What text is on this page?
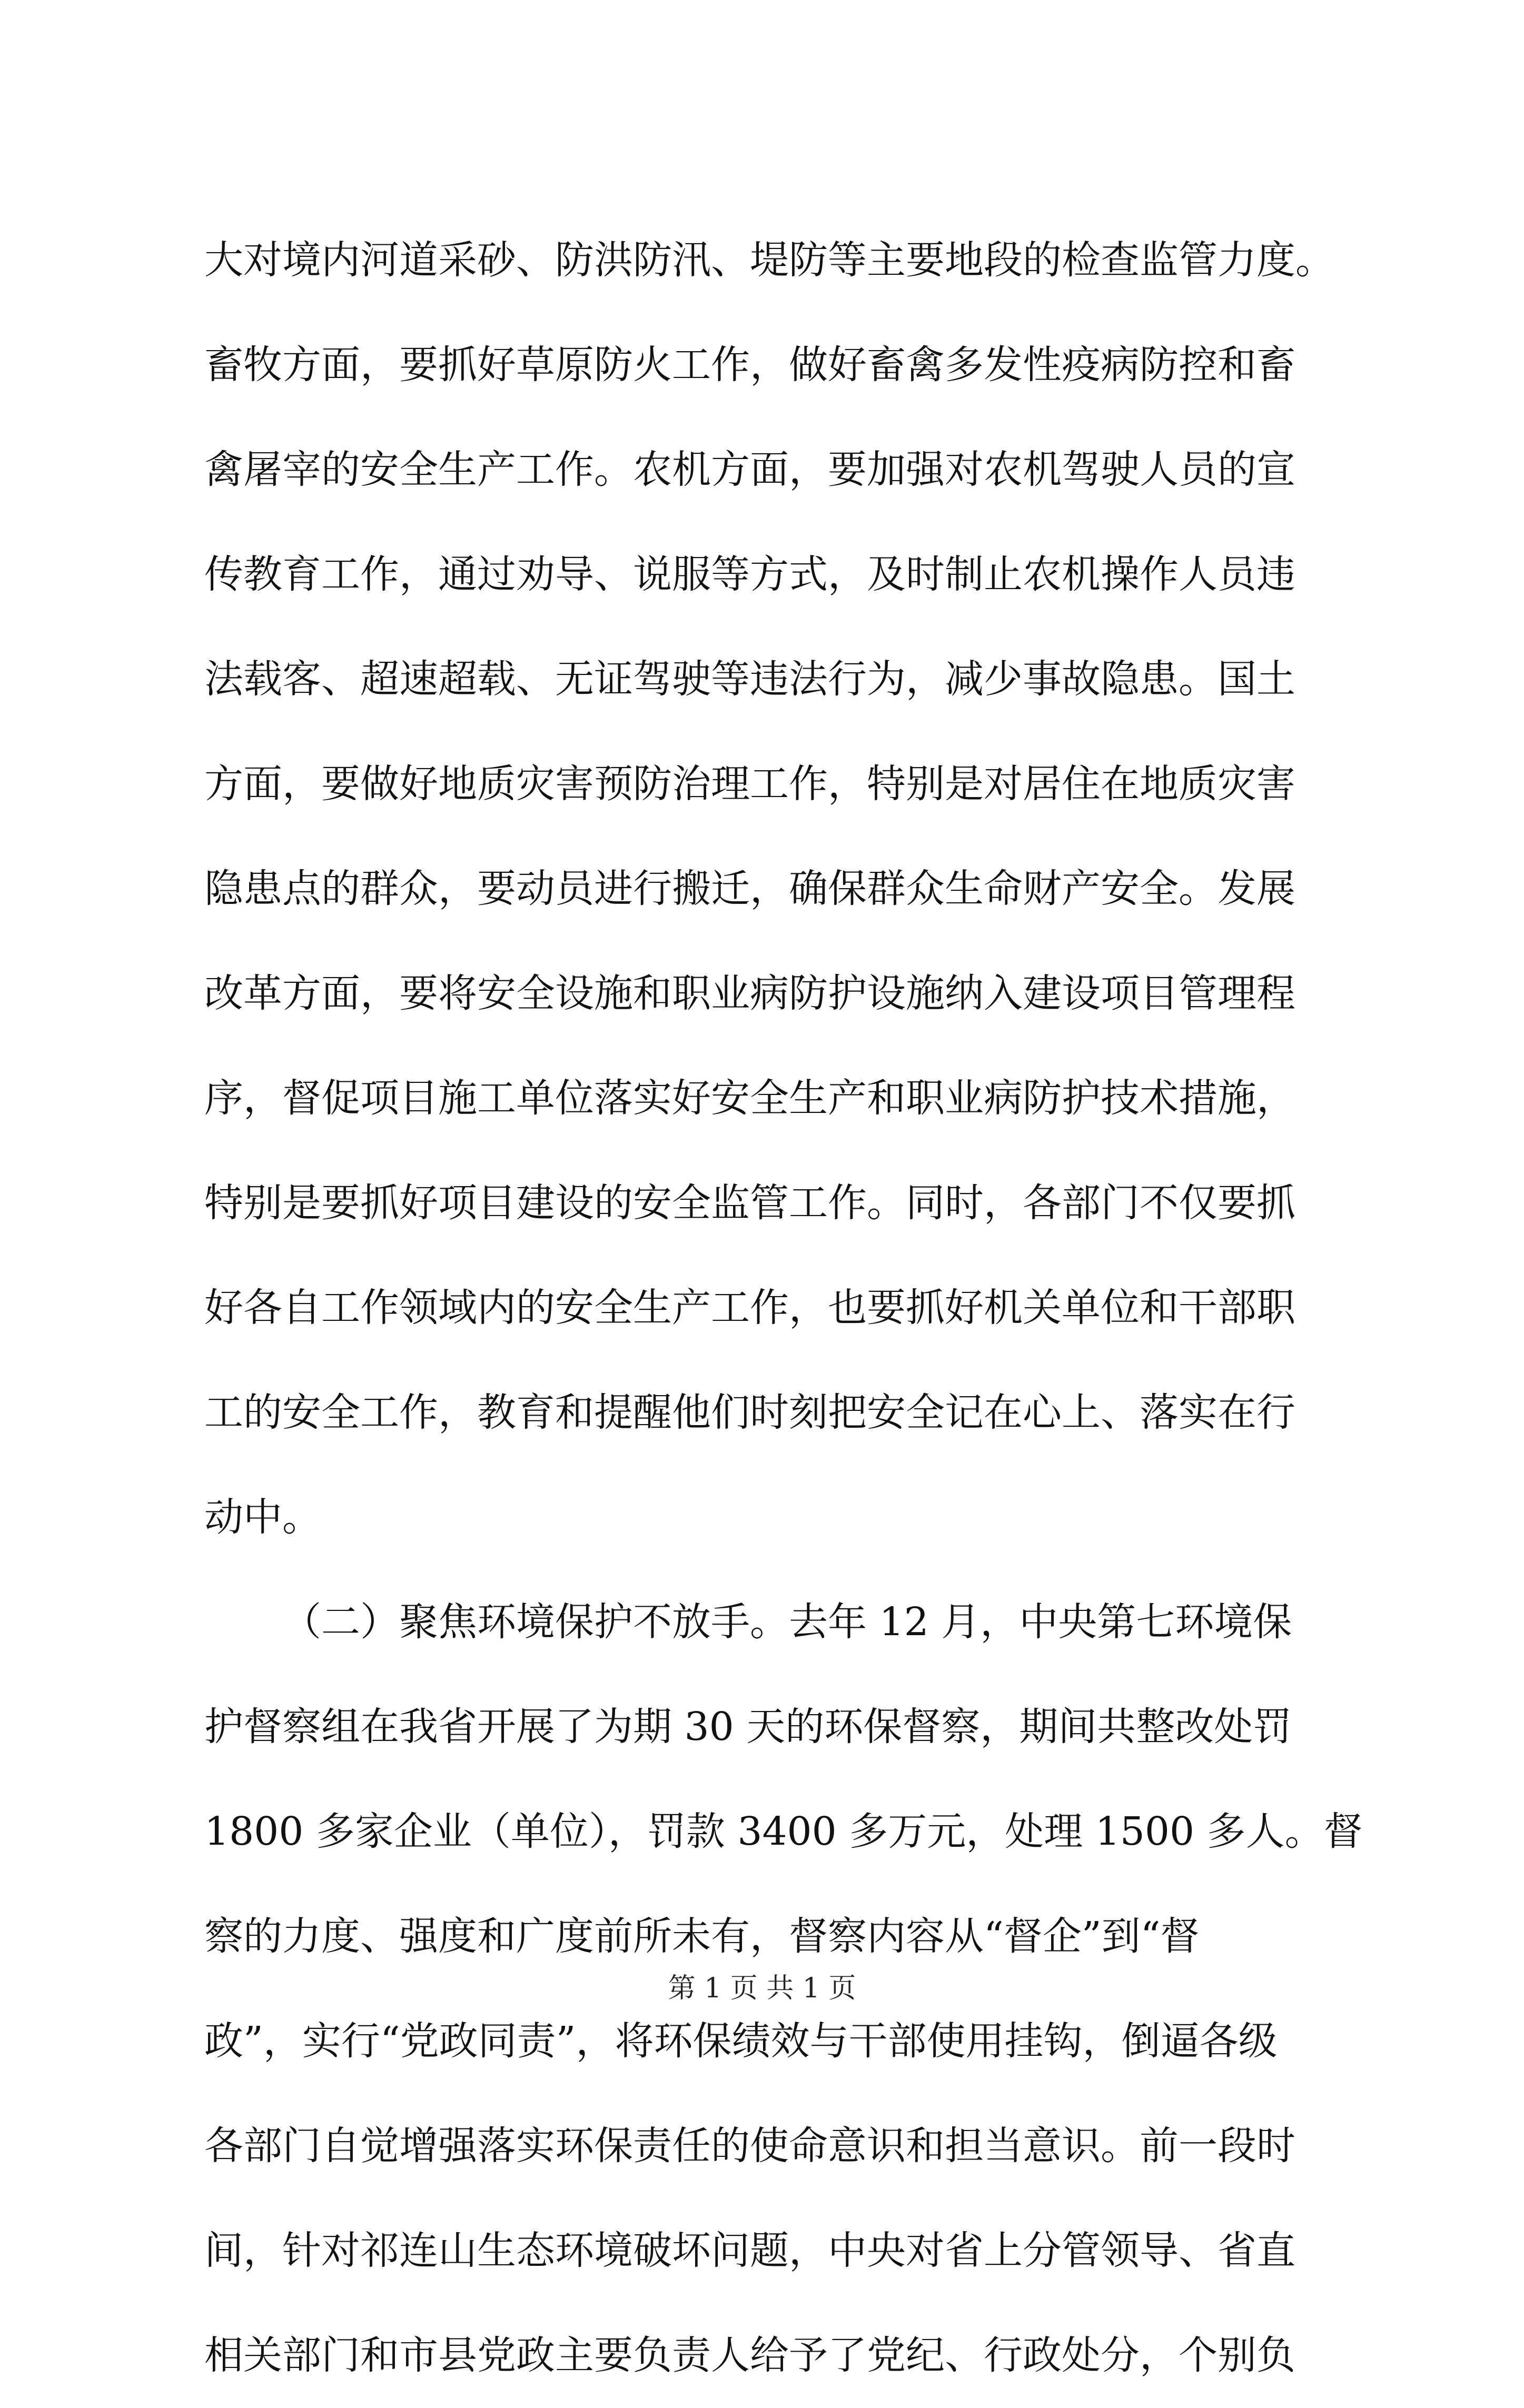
大对境内河道采砂、防洪防汛、堤防等主要地段的检查监管力度。
畜牧方面，要抓好草原防火工作，做好畜禽多发性疫病防控和畜
禽屠宰的安全生产工作。农机方面，要加强对农机驾驶人员的宣
传教育工作，通过劝导、说服等方式，及时制止农机操作人员违
法载客、超速超载、无证驾驶等违法行为，减少事故隐患。国土
方面，要做好地质灾害预防治理工作，特别是对居住在地质灾害
隐患点的群众，要动员进行搬迁，确保群众生命财产安全。发展
改革方面，要将安全设施和职业病防护设施纳入建设项目管理程
序，督促项目施工单位落实好安全生产和职业病防护技术措施，
特别是要抓好项目建设的安全监管工作。同时，各部门不仅要抓
好各自工作领域内的安全生产工作，也要抓好机关单位和干部职
工的安全工作，教育和提醒他们时刻把安全记在心上、落实在行
动中。
（二）聚焦环境保护不放手。去年 12 月，中央第七环境保
护督察组在我省开展了为期 30 天的环保督察，期间共整改处罚
1800 多家企业（单位），罚款 3400 多万元，处理 1500 多人。督
察的力度、强度和广度前所未有，督察内容从“督企”到“督
政”，实行“党政同责”，将环保绩效与干部使用挂钩，倒逼各级
各部门自觉增强落实环保责任的使命意识和担当意识。前一段时
间，针对祁连山生态环境破坏问题，中央对省上分管领导、省直
相关部门和市县党政主要负责人给予了党纪、行政处分，个别负
第 1 页 共 1 页
